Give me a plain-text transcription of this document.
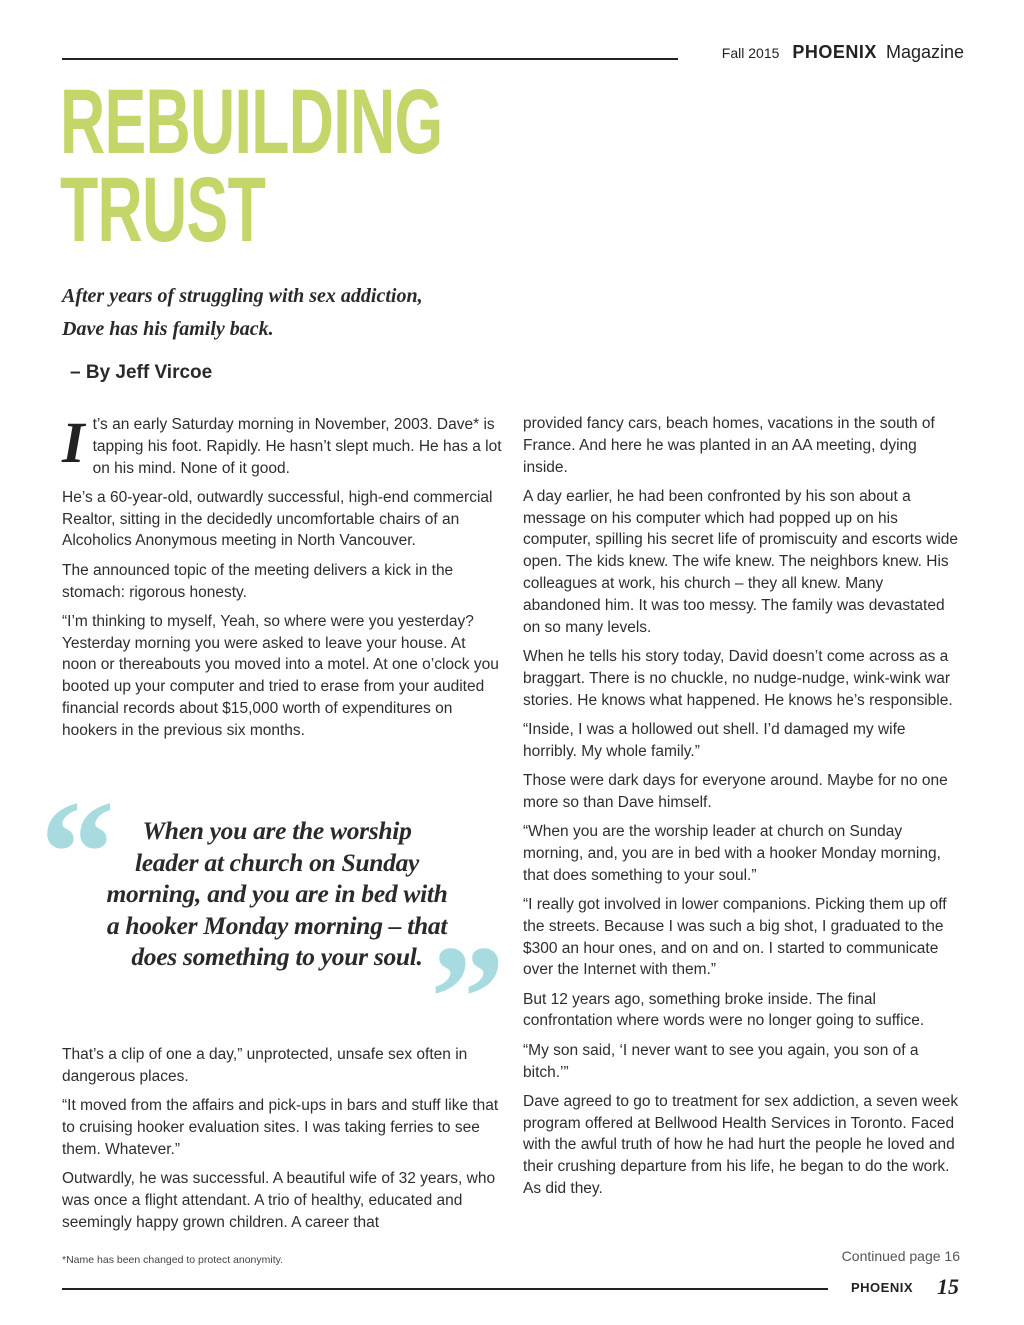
Fall 2015 PHOENIX Magazine
REBUILDING
TRUST
After years of struggling with sex addiction,
Dave has his family back.
– By Jeff Vircoe

It’s an early Saturday morning in November, 2003. Dave* is tapping his foot. Rapidly. He hasn’t slept much. He has a lot on his mind. None of it good.

He’s a 60-year-old, outwardly successful, high-end commercial Realtor, sitting in the decidedly uncomfortable chairs of an Alcoholics Anonymous meeting in North Vancouver.

The announced topic of the meeting delivers a kick in the stomach: rigorous honesty.

“I’m thinking to myself, Yeah, so where were you yesterday? Yesterday morning you were asked to leave your house. At noon or thereabouts you moved into a motel. At one o’clock you booted up your computer and tried to erase from your audited financial records about $15,000 worth of expenditures on hookers in the previous six months.

“	When you are the worship
leader at church on Sunday
morning, and you are in bed with
a hooker Monday morning – that
does something to your soul. ”

That’s a clip of one a day,” unprotected, unsafe sex often in dangerous places.

“It moved from the affairs and pick-ups in bars and stuff like that to cruising hooker evaluation sites. I was taking ferries to see them. Whatever.”

Outwardly, he was successful. A beautiful wife of 32 years, who was once a flight attendant. A trio of healthy, educated and seemingly happy grown children. A career that

provided fancy cars, beach homes, vacations in the south of France. And here he was planted in an AA meeting, dying inside.

A day earlier, he had been confronted by his son about a message on his computer which had popped up on his computer, spilling his secret life of promiscuity and escorts wide open. The kids knew. The wife knew. The neighbors knew. His colleagues at work, his church – they all knew. Many abandoned him. It was too messy. The family was devastated on so many levels.

When he tells his story today, David doesn’t come across as a braggart. There is no chuckle, no nudge-nudge, wink-wink war stories. He knows what happened. He knows he’s responsible.

“Inside, I was a hollowed out shell. I’d damaged my wife horribly. My whole family.”

Those were dark days for everyone around. Maybe for no one more so than Dave himself.

“When you are the worship leader at church on Sunday morning, and, you are in bed with a hooker Monday morning, that does something to your soul.”

“I really got involved in lower companions. Picking them up off the streets. Because I was such a big shot, I graduated to the $300 an hour ones, and on and on. I started to communicate over the Internet with them.”

But 12 years ago, something broke inside. The final confrontation where words were no longer going to suffice.

“My son said, ‘I never want to see you again, you son of a bitch.’”

Dave agreed to go to treatment for sex addiction, a seven week program offered at Bellwood Health Services in Toronto. Faced with the awful truth of how he had hurt the people he loved and their crushing departure from his life, he began to do the work. As did they.

*Name has been changed to protect anonymity.	Continued page 16
PHOENIX 15
